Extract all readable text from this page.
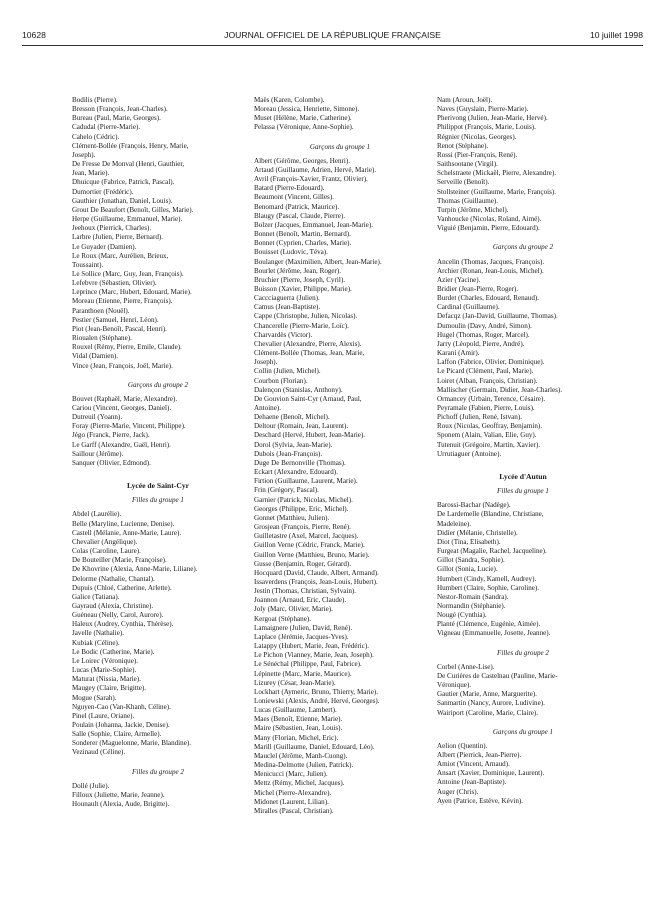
10628	JOURNAL OFFICIEL DE LA RÉPUBLIQUE FRANÇAISE	10 juillet 1998
Bodilis (Pierre).
Bresson (François, Jean-Charles).
Bureau (Paul, Marie, Georges).
Cadudal (Pierre-Marie).
Cahelo (Cédric).
Clément-Bollée (François, Henry, Marie,
Joseph).
De Fresse De Monval (Henri, Gauthier,
Jean, Marie).
Dhuicque (Fabrice, Patrick, Pascal).
Dumortier (Frédéric).
Gauthier (Jonathan, Daniel, Louis).
Grout De Beaufort (Benoît, Gilles, Marie).
Herpe (Guillaume, Emmanuel, Marie).
Jeehoux (Pierrick, Charles).
Larbre (Julien, Pierre, Bernard).
Le Guyader (Damien).
Le Roux (Marc, Aurélien, Brieux,
Toussaint).
Le Sollice (Marc, Guy, Jean, François).
Lefebvre (Sébastien, Olivier).
Leprince (Marc, Hubert, Edouard, Marie).
Moreau (Etienne, Pierre, François).
Paranthoen (Nouël).
Pestier (Samuel, Henri, Léon).
Piot (Jean-Benoît, Pascal, Henri).
Rioualen (Stéphane).
Rouxel (Rémy, Pierre, Emile, Claude).
Vidal (Damien).
Vince (Jean, François, Joël, Marie).
Garçons du groupe 2
Bouvet (Raphaël, Marie, Alexandre).
Cariou (Vincent, Georges, Daniel).
Dutreuil (Yoann).
Foray (Pierre-Marie, Vincent, Philippe).
Jégo (Franck, Pierre, Jack).
Le Garff (Alexandre, Gaël, Henri).
Saillour (Jérôme).
Sanquer (Olivier, Edmond).
Lycée de Saint-Cyr
Filles du groupe 1
Abdel (Laurélie).
Belle (Maryline, Lucienne, Denise).
Castell (Mélanie, Anne-Marie, Laure).
Chevalier (Angélique).
Colas (Caroline, Laure).
De Bouteiller (Marie, Françoise).
De Khovrine (Alexia, Anne-Marie, Liliane).
Delorme (Nathalie, Chantal).
Dupuis (Chloé, Catherine, Arlette).
Galice (Tatiana).
Gayraud (Alexia, Christine).
Guéneau (Nelly, Carol, Aurore).
Haleux (Audrey, Cynthia, Thérèse).
Javelle (Nathalie).
Kubiak (Céline).
Le Bodic (Catherine, Marie).
Le Loirec (Véronique).
Lucas (Marie-Sophie).
Maturat (Nissia, Marie).
Maugey (Claire, Brigitte).
Mogue (Sarah).
Nguyen-Cao (Van-Khanh, Céline).
Pinel (Laure, Oriane).
Poulain (Johanna, Jackie, Denise).
Salle (Sophie, Claire, Armelle).
Sonderer (Maguelonne, Marie, Blandine).
Vezinaud (Céline).
Filles du groupe 2
Dollé (Julie).
Filloux (Juliette, Marie, Jeanne).
Hounault (Alexia, Aude, Brigitte).
Maës (Karen, Colombe).
Moreau (Jessica, Henriette, Simone).
Muset (Hélène, Marie, Catherine).
Pelassa (Véronique, Anne-Sophie).
Garçons du groupe 1
Albert (Gérôme, Georges, Henri).
Artaud (Guillaume, Adrien, Hervé, Marie).
Avril (François-Xavier, Frantz, Olivier).
Batard (Pierre-Edouard).
Beaumont (Vincent, Gilles).
Benomard (Patrick, Maurice).
Blaugy (Pascal, Claude, Pierre).
Bolzer (Jacques, Emmanuel, Jean-Marie).
Bonnet (Benoît, Martin, Bernard).
Bonnet (Cyprien, Charles, Marie).
Bouisset (Ludovic, Téva).
Boulanger (Maximilien, Albert, Jean-Marie).
Bourlet (Jérôme, Jean, Roger).
Bruchier (Pierre, Joseph, Cyril).
Buisson (Xavier, Philippe, Marie).
Caccciaguerra (Julien).
Camus (Jean-Baptiste).
Cappe (Christophe, Julien, Nicolas).
Chancerelle (Pierre-Marie, Loïc).
Charvardès (Victor).
Chevalier (Alexandre, Pierre, Alexis).
Clément-Bollée (Thomas, Jean, Marie,
Joseph).
Collin (Julien, Michel).
Courbon (Florian).
Dalençon (Stanislas, Anthony).
De Gouvion Saint-Cyr (Arnaud, Paul,
Antoine).
Dehaene (Benoît, Michel).
Deltour (Romain, Jean, Laurent).
Deschard (Hervé, Hubert, Jean-Marie).
Dorol (Sylvia, Jean-Marie).
Dubois (Jean-François).
Duge De Bernonville (Thomas).
Eckart (Alexandre, Edouard).
Firtion (Guillaume, Laurent, Marie).
Frin (Grégory, Pascal).
Garnier (Patrick, Nicolas, Michel).
Georges (Philippe, Eric, Michel).
Gonnet (Matthieu, Julien).
Grosjean (François, Pierre, René).
Guilletastre (Axel, Marcel, Jacques).
Guillon Verne (Cédric, Franck, Marie).
Guillon Verne (Matthieu, Bruno, Marie).
Gusse (Benjamin, Roger, Gérard).
Hocquard (David, Claude, Albert, Armand).
Issaverdens (François, Jean-Louis, Hubert).
Jestin (Thomas, Christian, Sylvain).
Joannon (Arnaud, Eric, Claude).
Joly (Marc, Olivier, Marie).
Kergoat (Stéphane).
Lamaignere (Julien, David, René).
Laplace (Jérémie, Jacques-Yves).
Latappy (Hubert, Marie, Jean, Frédéric).
Le Pichon (Vianney, Marie, Jean, Joseph).
Le Sénéchal (Philippe, Paul, Fabrice).
Lépinette (Marc, Marie, Maurice).
Lizurey (César, Jean-Marie).
Lockhart (Aymeric, Bruno, Thierry, Marie).
Loniewski (Alexis, André, Hervé, Georges).
Lucas (Guillaume, Lambert).
Maes (Benoît, Etienne, Marie).
Maire (Sébastien, Jean, Louis).
Many (Florian, Michel, Eric).
Marill (Guillaume, Daniel, Edouard, Léo).
Mauclel (Jérôme, Manh-Cuong).
Medina-Delmotte (Julien, Patrick).
Menicucci (Marc, Julien).
Mettz (Rémy, Michel, Jacques).
Michel (Pierre-Alexandre).
Midonet (Laurent, Lilian).
Miralles (Pascal, Christian).
Nam (Aroun, Joël).
Naves (Guyslain, Pierre-Marie).
Pherivong (Julien, Jean-Marie, Hervé).
Philippot (François, Marie, Louis).
Régnier (Nicolas, Georges).
Renot (Stéphane).
Rossi (Pier-François, René).
Saithsootane (Virgil).
Schelstraete (Mickaël, Pierre, Alexandre).
Serveille (Benoît).
Stollsteiner (Guillaume, Marie, François).
Thomas (Guillaume).
Turpin (Jérôme, Michel).
Vanhoucke (Nicolas, Roland, Aimé).
Viguié (Benjamin, Pierre, Edouard).
Garçons du groupe 2
Ancelin (Thomas, Jacques, François).
Archier (Ronan, Jean-Louis, Michel).
Azier (Yacine).
Bridier (Jean-Pierre, Roger).
Burdet (Charles, Edouard, Renaud).
Cardinal (Guillaume).
Defacqz (Jan-David, Guillaume, Thomas).
Dumoulin (Davy, André, Simon).
Hugel (Thomas, Roger, Marcel).
Jarry (Léopold, Pierre, André).
Karani (Amir).
Laffon (Fabrice, Olivier, Dominique).
Le Picard (Clément, Paul, Marie).
Loiret (Alban, François, Christian).
Mallischer (Germain, Didier, Jean-Charles).
Ormancey (Urbain, Terence, Césaire).
Peyramale (Fabien, Pierre, Louis).
Pichoff (Julien, René, Istvan).
Roux (Nicolas, Geoffray, Benjamin).
Sponem (Alain, Valian, Elie, Guy).
Tutenuit (Grégoire, Martin, Xavier).
Urrutiaguer (Antoine).
Lycée d'Autun
Filles du groupe 1
Barossi-Bachar (Nadège).
De Lardemelle (Blandine, Christiane,
Madeleine).
Didier (Mélanie, Christelle).
Diot (Tina, Elisabeth).
Furgeat (Magalie, Rachel, Jacqueline).
Gillot (Sandra, Sophie).
Gillot (Sonia, Lucie).
Humbert (Cindy, Kamell, Audrey).
Humbert (Claire, Sophie, Caroline).
Nestor-Romain (Sandra).
Normandin (Stéphanie).
Nougé (Cynthia).
Planté (Clémence, Eugénie, Aimée).
Vigneau (Emmanuelle, Josette, Jeanne).
Filles du groupe 2
Corbel (Anne-Lise).
De Curières de Castelnau (Pauline, Marie-
Véronique).
Gautier (Marie, Anne, Marguerite).
Sanmartin (Nancy, Aurore, Ludivine).
Wairiport (Caroline, Marie, Claire).
Garçons du groupe 1
Aelion (Quentin).
Albert (Pierrick, Jean-Pierre).
Amiot (Vincent, Arnaud).
Ansart (Xavier, Dominique, Laurent).
Antoine (Jean-Baptiste).
Auger (Chris).
Ayen (Patrice, Estève, Kévin).
